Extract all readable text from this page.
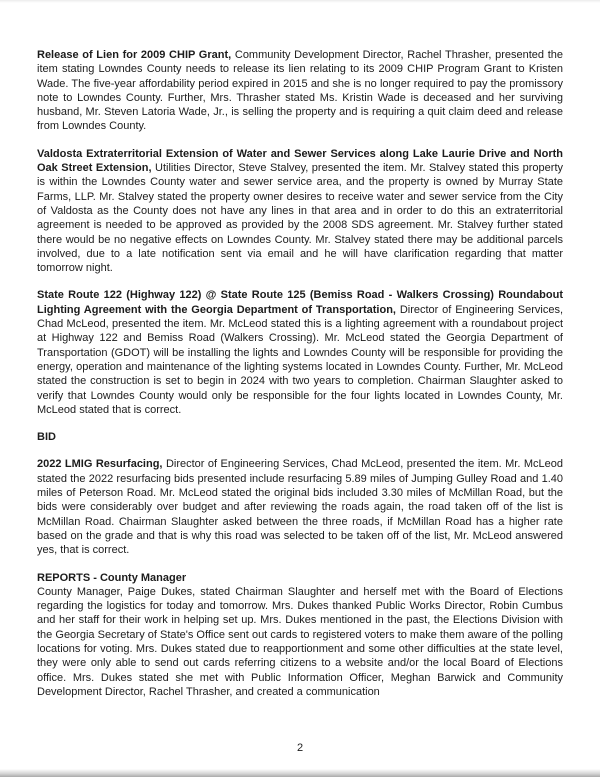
Release of Lien for 2009 CHIP Grant, Community Development Director, Rachel Thrasher, presented the item stating Lowndes County needs to release its lien relating to its 2009 CHIP Program Grant to Kristen Wade. The five-year affordability period expired in 2015 and she is no longer required to pay the promissory note to Lowndes County. Further, Mrs. Thrasher stated Ms. Kristin Wade is deceased and her surviving husband, Mr. Steven Latoria Wade, Jr., is selling the property and is requiring a quit claim deed and release from Lowndes County.

Valdosta Extraterritorial Extension of Water and Sewer Services along Lake Laurie Drive and North Oak Street Extension, Utilities Director, Steve Stalvey, presented the item. Mr. Stalvey stated this property is within the Lowndes County water and sewer service area, and the property is owned by Murray State Farms, LLP. Mr. Stalvey stated the property owner desires to receive water and sewer service from the City of Valdosta as the County does not have any lines in that area and in order to do this an extraterritorial agreement is needed to be approved as provided by the 2008 SDS agreement. Mr. Stalvey further stated there would be no negative effects on Lowndes County. Mr. Stalvey stated there may be additional parcels involved, due to a late notification sent via email and he will have clarification regarding that matter tomorrow night.

State Route 122 (Highway 122) @ State Route 125 (Bemiss Road - Walkers Crossing) Roundabout Lighting Agreement with the Georgia Department of Transportation, Director of Engineering Services, Chad McLeod, presented the item. Mr. McLeod stated this is a lighting agreement with a roundabout project at Highway 122 and Bemiss Road (Walkers Crossing). Mr. McLeod stated the Georgia Department of Transportation (GDOT) will be installing the lights and Lowndes County will be responsible for providing the energy, operation and maintenance of the lighting systems located in Lowndes County. Further, Mr. McLeod stated the construction is set to begin in 2024 with two years to completion. Chairman Slaughter asked to verify that Lowndes County would only be responsible for the four lights located in Lowndes County, Mr. McLeod stated that is correct.

BID

2022 LMIG Resurfacing, Director of Engineering Services, Chad McLeod, presented the item. Mr. McLeod stated the 2022 resurfacing bids presented include resurfacing 5.89 miles of Jumping Gulley Road and 1.40 miles of Peterson Road. Mr. McLeod stated the original bids included 3.30 miles of McMillan Road, but the bids were considerably over budget and after reviewing the roads again, the road taken off of the list is McMillan Road. Chairman Slaughter asked between the three roads, if McMillan Road has a higher rate based on the grade and that is why this road was selected to be taken off of the list, Mr. McLeod answered yes, that is correct.

REPORTS - County Manager

County Manager, Paige Dukes, stated Chairman Slaughter and herself met with the Board of Elections regarding the logistics for today and tomorrow. Mrs. Dukes thanked Public Works Director, Robin Cumbus and her staff for their work in helping set up. Mrs. Dukes mentioned in the past, the Elections Division with the Georgia Secretary of State's Office sent out cards to registered voters to make them aware of the polling locations for voting. Mrs. Dukes stated due to reapportionment and some other difficulties at the state level, they were only able to send out cards referring citizens to a website and/or the local Board of Elections office. Mrs. Dukes stated she met with Public Information Officer, Meghan Barwick and Community Development Director, Rachel Thrasher, and created a communication

2
